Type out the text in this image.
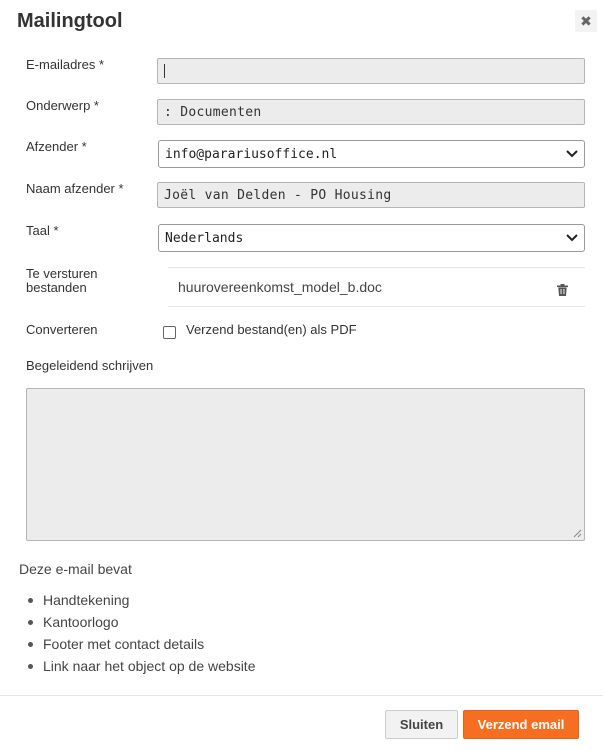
Mailingtool	✖
E-mailadres *
Onderwerp *	: Documenten
Afzender *	info@parariusoffice.nl
Naam afzender *	Joël van Delden - PO Housing
Taal *	Nederlands
Te versturen
bestanden	huurovereenkomst_model_b.doc
Converteren	Verzend bestand(en) als PDF
Begeleidend schrijven
Deze e-mail bevat
Handtekening
Kantoorlogo
Footer met contact details
Link naar het object op de website
Sluiten	Verzend email
